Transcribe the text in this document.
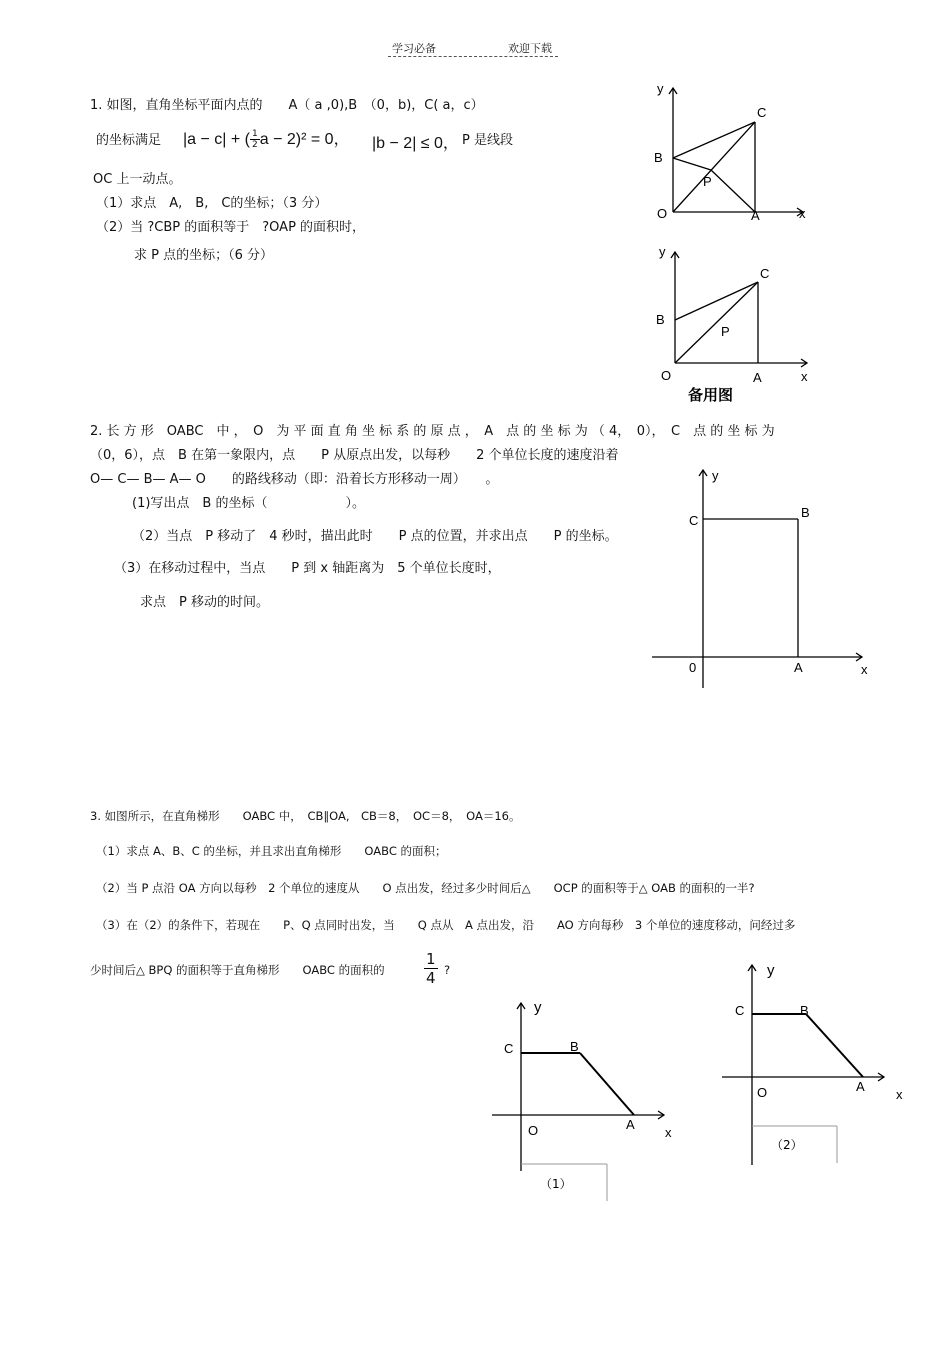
学习必备	欢迎下载
1. 如图，直角坐标平面内点的　　A（ a ,0),B　（0，b)，C( a，c）
的坐标满足 |a − c| + ( $\frac{1}{2}$ a − 2)² = 0， |b − 2| ≤ 0， P 是线段
OC 上一动点。
（1）求点　A,　B,　C的坐标；（3 分）
（2）当 ?CBP 的面积等于　?OAP 的面积时，
求 P 点的坐标；（6 分）
y
C
B
P
O	A	x
y
C
B
P
O	A	x
备用图
2. 长 方 形　OABC　中 ，　O　为 平 面 直 角 坐 标 系 的 原 点 ，　A　点 的 坐 标 为 （ 4，　0），　C　点 的 坐 标 为
（0，6），点　B 在第一象限内，点　　P 从原点出发，以每秒　　2 个单位长度的速度沿着
O— C— B— A— O　　的路线移动（即：沿着长方形移动一周）　　。
(1)写出点　B 的坐标（　　　　　　）。
（2）当点　P 移动了　4 秒时，描出此时　　P 点的位置，并求出点　　P 的坐标。
（3）在移动过程中，当点　　P 到 x 轴距离为　5 个单位长度时，
求点　P 移动的时间。
y
C
B
0	A	x
3. 如图所示，在直角梯形　　OABC 中，　CB∥OA,　CB＝8，　OC＝8，　OA＝16。
（1）求点 A、B、C 的坐标，并且求出直角梯形　　OABC 的面积；
（2）当 P 点沿 OA 方向以每秒　2 个单位的速度从　　O 点出发，经过多少时间后△　　OCP 的面积等于△ OAB 的面积的一半?
（3）在（2）的条件下，若现在　　P、Q 点同时出发，当　　Q 点从　A 点出发，沿　　AO 方向每秒　3 个单位的速度移动，问经过多
少时间后△ BPQ 的面积等于直角梯形　　OABC 的面积的	$\frac{1}{4}$ ?
y
C	B
O	A
x
（1）
y
C	B
O	A
x
（2）
